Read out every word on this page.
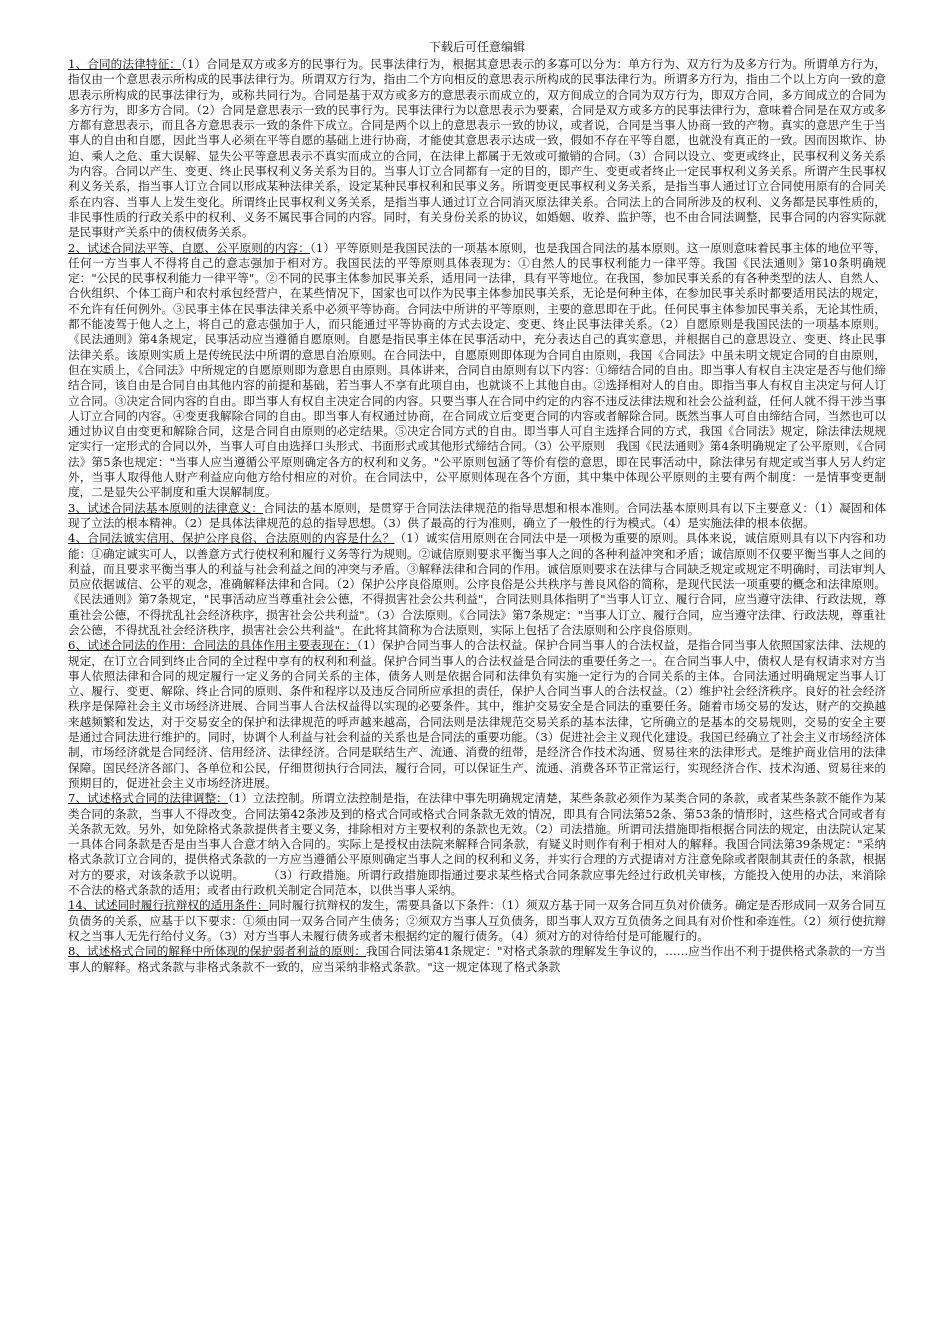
下载后可任意编辑

1、合同的法律特征：（1）合同是双方或多方的民事行为。民事法律行为，根据其意思表示的多寡可以分为：单方行为、双方行为及多方行为。所谓单方行为，指仅由一个意思表示所构成的民事法律行为。所谓双方行为，指由二个方向相反的意思表示所构成的民事法律行为。所谓多方行为，指由二个以上方向一致的意思表示所构成的民事法律行为，或称共同行为。合同是基于双方或多方的意思表示而成立的，双方间成立的合同为双方行为，即双方合同，多方间成立的合同为多方行为，即多方合同。（2）合同是意思表示一致的民事行为。民事法律行为以意思表示为要素，合同是双方或多方的民事法律行为，意味着合同是在双方或多方都有意思表示，而且各方意思表示一致的条件下成立。合同是两个以上的意思表示一致的协议，或者说，合同是当事人协商一致的产物。真实的意思产生于当事人的自由和自愿，因此当事人必须在平等自愿的基础上进行协商，才能使其意思表示达成一致，假如不存在平等自愿，也就没有真正的一致。因而因欺诈、协迫、乘人之危、重大误解、显失公平等意思表示不真实而成立的合同，在法律上都属于无效或可撤销的合同。（3）合同以设立、变更或终止，民事权利义务关系为内容。合同以产生、变更、终止民事权利义务关系为目的。当事人订立合同都有一定的目的，即产生、变更或者终止一定民事权利义务关系。所谓产生民事权利义务关系，指当事人订立合同以形成某种法律关系，设定某种民事权利和民事义务。所谓变更民事权利义务关系，是指当事人通过订立合同使用原有的合同关系在内容、当事人上发生变化。所谓终止民事权利义务关系，是指当事人通过订立合同消灭原法律关系。合同法上的合同所涉及的权利、义务都是民事性质的，非民事性质的行政关系中的权利、义务不属民事合同的内容。同时，有关身份关系的协议，如婚姻、收养、监护等，也不由合同法调整，民事合同的内容实际就是民事财产关系中的债权债务关系。

2、试述合同法平等、自愿、公平原则的内容：（1）平等原则是我国民法的一项基本原则，也是我国合同法的基本原则。这一原则意味着民事主体的地位平等，任何一方当事人不得将自己的意志强加于相对方。我国民法的平等原则具体表现为：①自然人的民事权利能力一律平等。我国《民法通则》第10条明确规定："公民的民事权利能力一律平等"。②不同的民事主体参加民事关系，适用同一法律，具有平等地位。在我国，参加民事关系的有各种类型的法人、自然人、合伙组织、个体工商户和农村承包经营户，在某些情况下，国家也可以作为民事主体参加民事关系，无论是何种主体，在参加民事关系时都要适用民法的规定，不允许有任何例外。③民事主体在民事法律关系中必须平等协商。合同法中所讲的平等原则，主要的意思即在于此。任何民事主体参加民事关系，无论其性质，都不能凌驾于他人之上，将自己的意志强加于人，而只能通过平等协商的方式去设定、变更、终止民事法律关系。（2）自愿原则是我国民法的一项基本原则。《民法通则》第4条规定，民事活动应当遵循自愿原则。自愿是指民事主体在民事活动中，充分表达自己的真实意思，并根据自己的意思设立、变更、终止民事法律关系。该原则实质上是传统民法中所谓的意思自治原则。在合同法中，自愿原则即体现为合同自由原则，我国《合同法》中虽未明文规定合同的自由原则，但在实质上，《合同法》中所规定的自愿原则即为意思自由原则。具体讲来，合同自由原则有以下内容：①缔结合同的自由。即当事人有权自主决定是否与他们缔结合同，该自由是合同自由其他内容的前提和基础，若当事人不享有此项自由，也就谈不上其他自由。②选择相对人的自由。即指当事人有权自主决定与何人订立合同。③决定合同内容的自由。即当事人有权自主决定合同的内容。只要当事人在合同中约定的内容不违反法律法规和社会公益利益，任何人就不得干涉当事人订立合同的内容。④变更我解除合同的自由。即当事人有权通过协商，在合同成立后变更合同的内容或者解除合同。既然当事人可自由缔结合同，当然也可以通过协议自由变更和解除合同，这是合同自由原则的必定结果。⑤决定合同方式的自由。即当事人可自主选择合同的方式，我国《合同法》规定，除法律法规规定实行一定形式的合同以外，当事人可自由选择口头形式、书面形式或其他形式缔结合同。（3）公平原则　我国《民法通则》第4条明确规定了公平原则，《合同法》第5条也规定："当事人应当遵循公平原则确定各方的权利和义务。"公平原则包涵了等价有偿的意思，即在民事活动中，除法律另有规定或当事人另人约定外，当事人取得他人财产利益应向他方给付相应的对价。在合同法中，公平原则体现在各个方面，其中集中体现公平原则的主要有两个制度：一是情事变更制度，二是显失公平制度和重大误解制度。

3、试述合同法基本原则的法律意义：合同法的基本原则，是贯穿于合同法法律规范的指导思想和根本准则。合同法基本原则具有以下主要意义：（1）凝固和体现了立法的根本精神。（2）是具体法律规范的总的指导思想。（3）供了最高的行为准则，确立了一般性的行为模式。（4）是实施法律的根本依据。

4、合同法诚实信用、保护公序良俗、合法原则的内容是什么？（1）诚实信用原则在合同法中是一项极为重要的原则。具体来说，诚信原则具有以下内容和功能：①确定诚实可人，以善意方式行使权利和履行义务等行为规则。②诚信原则要求平衡当事人之间的各种利益冲突和矛盾；诚信原则不仅要平衡当事人之间的利益，而且要求平衡当事人的利益与社会利益之间的冲突与矛盾。③解释法律和合同的作用。诚信原则要求在法律与合同缺乏规定或规定不明确时，司法审判人员应依据诚信、公平的观念，准确解释法律和合同。（2）保护公序良俗原则。公序良俗是公共秩序与善良风俗的简称，是现代民法一项重要的概念和法律原则。《民法通则》第7条规定，"民事活动应当尊重社会公德，不得损害社会公共利益"，合同法则具体指明了"当事人订立、履行合同，应当遵守法律、行政法规，尊重社会公德，不得扰乱社会经济秩序，损害社会公共利益"。（3）合法原则。《合同法》第7条规定："当事人订立、履行合同，应当遵守法律、行政法规，尊重社会公德，不得扰乱社会经济秩序，损害社会公共利益"。在此将其简称为合法原则，实际上包括了合法原则和公序良俗原则。

6、试述合同法的作用：合同法的具体作用主要表现在：（1）保护合同当事人的合法权益。保护合同当事人的合法权益，是指合同当事人依照国家法律、法规的规定，在订立合同到终止合同的全过程中享有的权利和利益。保护合同当事人的合法权益是合同法的重要任务之一。在合同当事人中，债权人是有权请求对方当事人依照法律和合同的规定履行一定义务的合同关系的主体，债务人则是依据合同和法律负有实施一定行为的合同关系的主体。合同法通过明确规定当事人订立、履行、变更、解除、终止合同的原则、条件和程序以及违反合同所应承担的责任，保护人合同当事人的合法权益。（2）维护社会经济秩序。良好的社会经济秩序是保障社会主义市场经济进展、合同当事人合法权益得以实现的必要条件。其中，维护交易安全是合同法的重要任务。随着市场交易的发达，财产的交换越来越频繁和发达，对于交易安全的保护和法律规范的呼声越来越高，合同法则是法律规范交易关系的基本法律，它所确立的是基本的交易规则，交易的安全主要是通过合同法进行维护的。同时，协调个人利益与社会利益的关系也是合同法的重要功能。（3）促进社会主义现代化建设。我国已经确立了社会主义市场经济体制，市场经济就是合同经济、信用经济、法律经济。合同是联结生产、流通、消费的纽带，是经济合作技术沟通、贸易往来的法律形式。是维护商业信用的法律保障。国民经济各部门、各单位和公民，仔细贯彻执行合同法，履行合同，可以保证生产、流通、消费各环节正常运行，实现经济合作、技术沟通、贸易往来的预期目的，促进社会主义市场经济进展。

7、试述格式合同的法律调整：（1）立法控制。所谓立法控制是指，在法律中事先明确规定清楚，某些条款必须作为某类合同的条款，或者某些条款不能作为某类合同的条款，当事人不得改变。合同法第42条涉及到的格式合同或格式合同条款无效的情况，即具有合同法第52条、第53条的情形时，这些格式合同或者有关条款无效。另外，如免除格式条款提供者主要义务，排除相对方主要权利的条款也无效。（2）司法措施。所谓司法措施即指根据合同法的规定，由法院认定某一具体合同条款是否是由当事人合意才纳入合同的。实际上是授权由法院来解释合同条款，有疑义时则作有利于相对人的解释。我国合同法第39条规定："采纳格式条款订立合同的，提供格式条款的一方应当遵循公平原则确定当事人之间的权利和义务，并实行合理的方式提请对方注意免除或者限制其责任的条款，根据对方的要求，对该条款予以说明。　　　（3）行政措施。所谓行政措施即指通过要求某些格式合同条款应事先经过行政机关审核，方能投入使用的办法，来消除不合法的格式条款的适用；或者由行政机关制定合同范本，以供当事人采纳。

14、试述同时履行抗辩权的适用条件：同时履行抗辩权的发生，需要具备以下条件：（1）须双方基于同一双务合同互负对价债务。确定是否形成同一双务合同互负债务的关系，应基于以下要求：①须由同一双务合同产生债务；②须双方当事人互负债务，即当事人双方互负债务之间具有对价性和牵连性。（2）须行使抗辩权之当事人无先行给付义务。（3）对方当事人未履行债务或者未根据约定的履行债务。（4）须对方的对待给付是可能履行的。

8、试述格式合同的解释中所体现的保护弱者利益的原则：我国合同法第41条规定："对格式条款的理解发生争议的，……应当作出不利于提供格式条款的一方当事人的解释。格式条款与非格式条款不一致的，应当采纳非格式条款。"这一规定体现了格式条款
